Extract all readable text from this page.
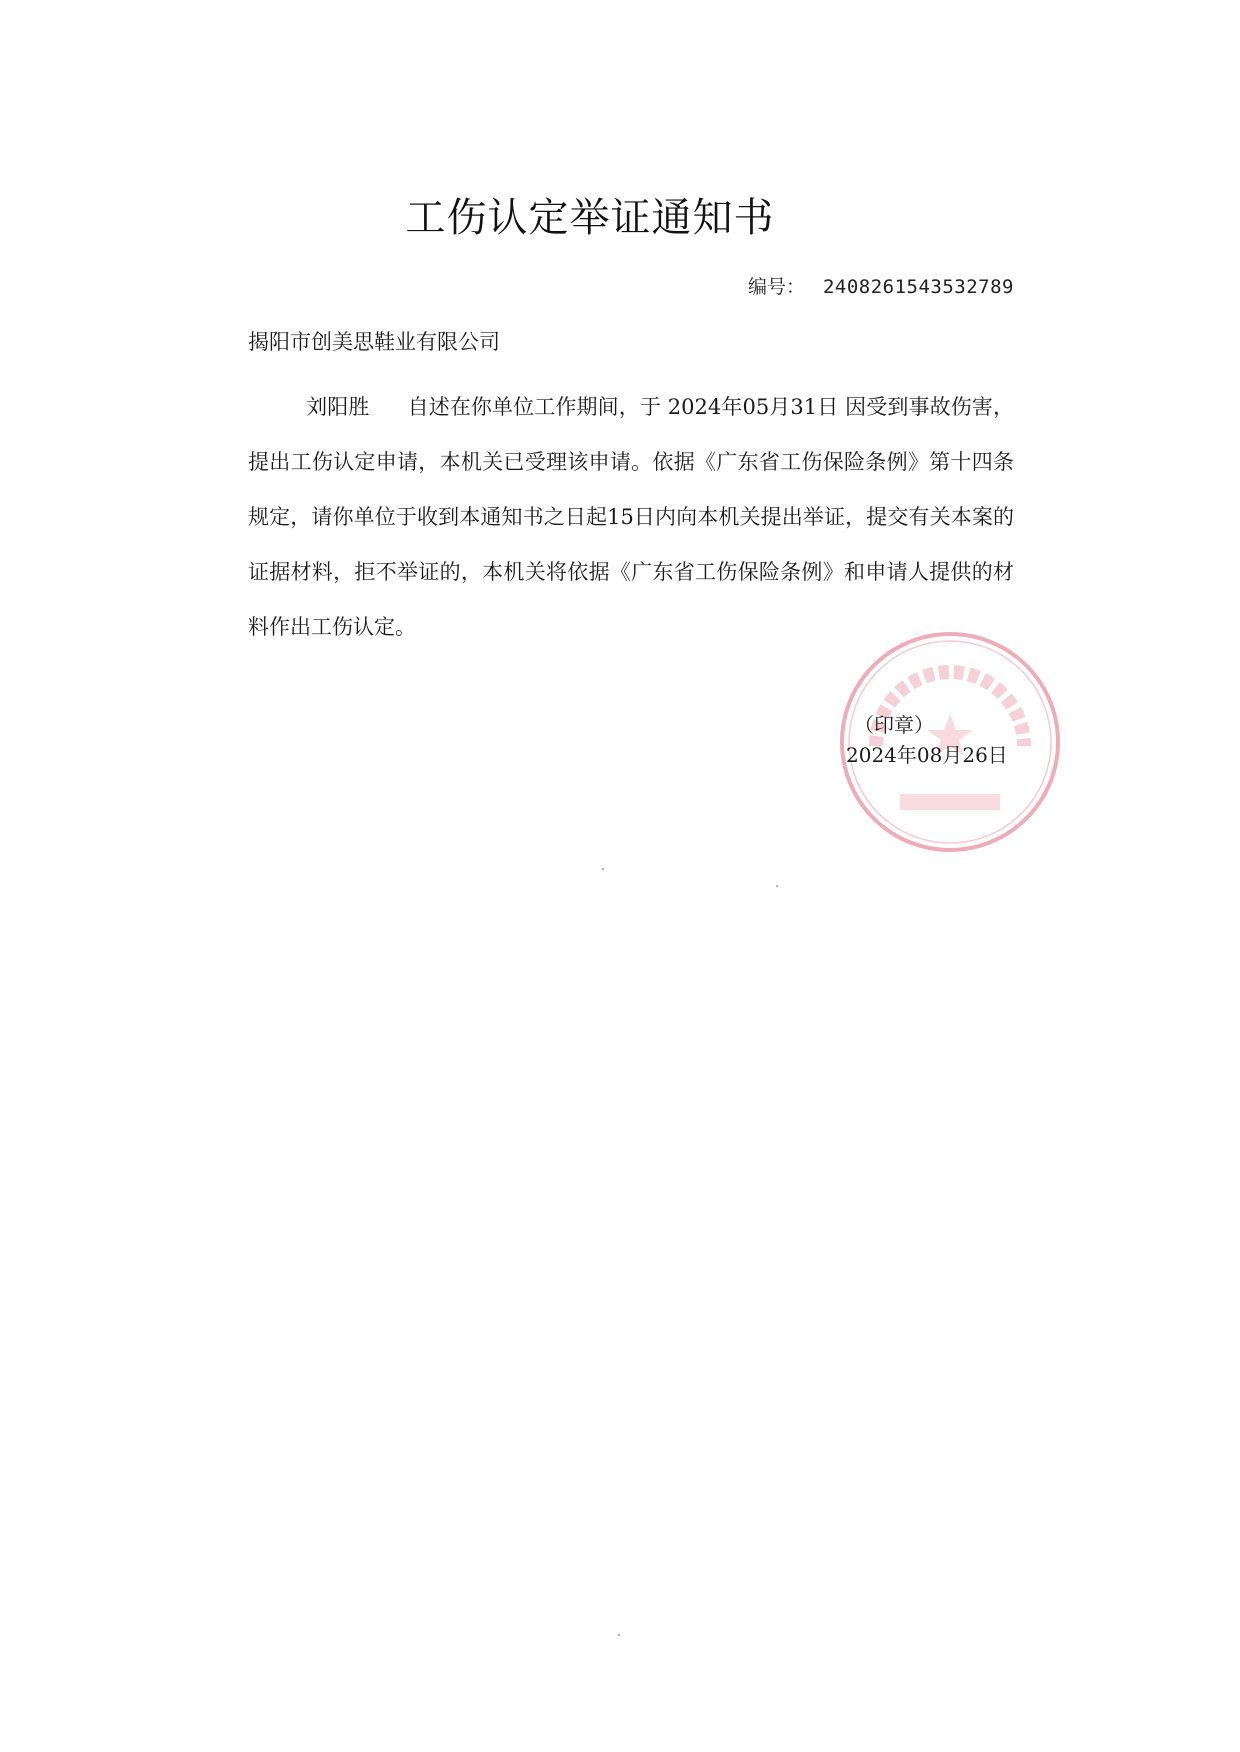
工伤认定举证通知书
编号： 2408261543532789
揭阳市创美思鞋业有限公司
刘阳胜 自述在你单位工作期间，于 2024年05月31日 因受到事故伤害，提出工伤认定申请，本机关已受理该申请。依据《广东省工伤保险条例》第十四条规定，请你单位于收到本通知书之日起15日内向本机关提出举证，提交有关本案的证据材料，拒不举证的，本机关将依据《广东省工伤保险条例》和申请人提供的材料作出工伤认定。
（印章）
2024年08月26日
